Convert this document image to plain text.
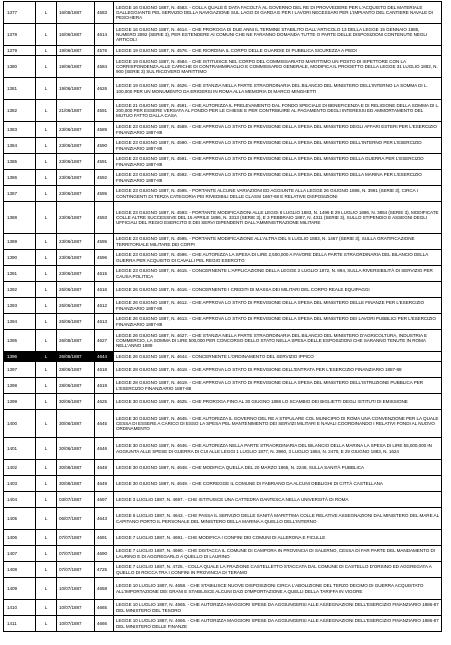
1377	L	16/06/1887	4583	LEGGE 16 GIUGNO 1887, N. 4583. - COLLA QUALE È DATA FACOLTÀ AL GOVERNO DEL RE DI PROVVEDERE PER L'ACQUISTO DEL MATERIALE GALLEGGIANTE PEL SERVIZIO DELLA NAVIGAZIONE SUL LAGO DI GARDA E PER I LAVORI NECESSARI PER L'IMPIANTO DEL CANTIERE NAVALE DI PESCHIERA
1378	L	16/06/1887	4614	LEGGE 16 GIUGNO 1887, N. 4614. - CHE PROROGA DI DUE ANNI IL TERMINE STABILITO DALL'ARTICOLO 13 DELLA LEGGE 15 GENNAIO 1885, NUMERO 2892 (SERIE 3), PER ESTENDERE AI COMUNI CHE NE FARANNO DOMANDA TUTTE O PARTE DELLE DISPOSIZIONI CONTENUTE NEGLI ARTICOLI
1379	L	19/06/1887	4576	LEGGE 19 GIUGNO 1887, N. 4576. - CHE RIORDINA IL CORPO DELLE GUARDIE DI PUBBLICA SICUREZZA A PIEDI
1380	L	19/06/1887	4584	LEGGE 19 GIUGNO 1887, N. 4584. - CHE ISTITUISCE NEL CORPO DEL COMMISSARIATO MARITTIMO UN POSTO DI ISPETTORE CON LA CORRISPONDENZA ALLE CARICHE DI CONTRAMMIRAGLIO E COMMISSARIO GENERALE, MODIFICA IL PROGETTO DELLA LEGGE 31 LUGLIO 1882, N. 900 (SERIE 3) SUL RICOVERO MARITTIMO
1381	L	19/06/1887	4626	LEGGE 19 GIUGNO 1887, N. 4626. - CHE STANZIA NELLA PARTE STRAORDINARIA DEL BILANCIO DEL MINISTERO DELL'INTERNO LA SOMMA DI L. 100,000 PER UN MONUMENTO DA ERIGERSI IN ROMA ALLA MEMORIA DI MARCO MINGHETTI
1382	L	21/06/1887	4591	LEGGE 21 GIUGNO 1887, N. 4591. - CHE AUTORIZZA IL PRELEVAMENTO DAL FONDO SPECIALE DI BENEFICENZA E DI RELIGIONE DELLA SOMMA DI L. 200,000 PER ESSERE VERSATA AL FONDO PER LE CHIESE E PER CONTRIBUIRE AL PAGAMENTO DEGLI INTERESSI ED AMMORTAMENTO DEL MUTUO FATTO DALLA CASA
1383	L	23/06/1887	4589	LEGGE 23 GIUGNO 1887, N. 4589. - CHE APPROVA LO STATO DI PREVISIONE DELLA SPESA DEL MINISTERO DEGLI AFFARI ESTERI PER L'ESERCIZIO FINANZIARIO 1887-88
1384	L	23/06/1887	4590	LEGGE 23 GIUGNO 1887, N. 4590. - CHE APPROVA LO STATO DI PREVISIONE DELLA SPESA DEL MINISTERO DELL'INTERNO PER L'ESERCIZIO FINANZIARIO 1887-88
1385	L	23/06/1887	4591	LEGGE 23 GIUGNO 1887, N. 4591. - CHE APPROVA LO STATO DI PREVISIONE DELLA SPESA DEL MINISTERO DELLA GUERRA PER L'ESERCIZIO FINANZIARIO 1887-88
1386	L	23/06/1887	4592	LEGGE 23 GIUGNO 1887, N. 4592. - CHE APPROVA LO STATO DI PREVISIONE DELLA SPESA DEL MINISTERO DELLA MARINA PER L'ESERCIZIO FINANZIARIO 1887-88
1387	L	23/06/1887	4595	LEGGE 23 GIUGNO 1887, N. 4595. - PORTANTE ALCUNE VARIAZIONI ED AGGIUNTE ALLA LEGGE 26 GIUGNO 1886, N. 3991 (SERIE 3), CIRCA I CONTINGENTI DI TERZA CATEGORIA PEI RIVEDIBILI DELLE CLASSI 1867-68 E RELATIVE DISPOSIZIONI
1388	L	23/06/1887	4593	LEGGE 23 GIUGNO 1887, N. 4593. - PORTANTE MODIFICAZIONI ALLE LEGGI 8 LUGLIO 1883, N. 1496 E 29 LUGLIO 1886, N. 3854 (SERIE 3), MODIFICATE COLLE ALTRE SUCCESSIVE DEL 15 APRILE 1886, N. 3313 (SERIE 3), E 3 FEBBRAIO 1887, N. 4311 (SERIE 3), SULLO STIPENDIO E ASSEGNI DEGLI UFFICIALI DEL REGIO ESERCITO E DEI SERVI DIPENDENTI DALL'AMMINISTRAZIONE MILITARE
1389	L	23/06/1887	4595	LEGGE 23 GIUGNO 1887, N. 4595. - PORTANTE MODIFICAZIONE ALL'ALTRA DEL 5 LUGLIO 1883, N. 1467 (SERIE 3), SULLA GRATIFICAZIONE TERRITORIALE MILITARE DEI CORPI
1390	L	23/06/1887	4596	LEGGE 23 GIUGNO 1887, N. 4596. - CHE AUTORIZZA LA SPESA DI LIRE 2,500,000 A FAVORE DELLA PARTE STRAORDINARIA DEL BILANCIO DELLA GUERRA PER ACQUISTO DI CAVALLI PEL REGIO ESERCITO
1391	L	23/06/1887	4615	LEGGE 23 GIUGNO 1887, N. 4615. - CONCERNENTE L'APPLICAZIONE DELLA LEGGE 2 LUGLIO 1872, N. 894, SULLA RIVERSIBILITÀ DI SERVIZIO PER CAUSA POLITICA
1392	L	26/06/1887	4616	LEGGE 26 GIUGNO 1887, N. 4616. - CONCERNENTE I CREDITI DI MASSA DEI MILITARI DEL CORPO REALE EQUIPAGGI
1393	L	26/06/1887	4612	LEGGE 26 GIUGNO 1887, N. 4612. - CHE APPROVA LO STATO DI PREVISIONE DELLA SPESA DEL MINISTERO DELLE FINANZE PER L'ESERCIZIO FINANZIARIO 1887-88
1394	L	26/06/1887	4613	LEGGE 26 GIUGNO 1887, N. 4613. - CHE APPROVA LO STATO DI PREVISIONE DELLA SPESA DEL MINISTERO DEI LAVORI PUBBLICI PER L'ESERCIZIO FINANZIARIO 1887-88
1395	L	26/06/1887	4627	LEGGE 26 GIUGNO 1887, N. 4627. - CHE STANZIA NELLA PARTE STRAORDINARIA DEL BILANCIO DEL MINISTERO D'AGRICOLTURA, INDUSTRIA E COMMERCIO, LA SOMMA DI LIRE 500,000 PER CONCORSO DELLO STATO NELLA SPESA DELLE ESPOSIZIONI CHE SARANNO TENUTE IN ROMA NELL'ANNO 1889
1396	L	26/06/1887	4644	LEGGE 26 GIUGNO 1887, N. 4644. - CONCERNENTE L'ORDINAMENTO DEL SERVIZIO IPPICO
1397	L	28/06/1887	4618	LEGGE 28 GIUGNO 1887, N. 4618. - CHE APPROVA LO STATO DI PREVISIONE DELL'ENTRATA PER L'ESERCIZIO FINANZIARIO 1887-88
1398	L	28/06/1887	4619	LEGGE 28 GIUGNO 1887, N. 4619. - CHE APPROVA LO STATO DI PREVISIONE DELLA SPESA DEL MINISTERO DELL'ISTRUZIONE PUBBLICA PER L'ESERCIZIO FINANZIARIO 1887-88
1399	L	30/06/1887	4625	LEGGE 30 GIUGNO 1887, N. 4625. - CHE PROROGA FINO AL 30 GIUGNO 1888 LO SCAMBIO DEI BIGLIETTI DEGLI ISTITUTI DI EMISSIONE
1400	L	30/06/1887	4645	LEGGE 30 GIUGNO 1887, N. 4645. - CHE AUTORIZZA IL GOVERNO DEL RE A STIPULARE COL MUNICIPIO DI ROMA UNA CONVENZIONE PER LA QUALE CESSA DI ESSERE A CARICO DI ESSO LA SPESA PEL MANTENIMENTO DEI SERVIZI MILITARI E NAVALI COORDINANDO I RELATIVI FONDI AL NUOVO ORDINAMENTO
1401	L	30/06/1887	4646	LEGGE 30 GIUGNO 1887, N. 4646. - CHE AUTORIZZA NELLA PARTE STRAORDINARIA DEL BILANCIO DELLA MARINA LA SPESA DI LIRE 55,000,000 IN AGGIUNTA ALLE SPESE DI GUERRA DI CUI ALLE LEGGI 1 LUGLIO 1877, N. 3960, 3 LUGLIO 1884, N. 2470, E 29 GIUGNO 1883, N. 1624
1402	L	30/06/1887	4648	LEGGE 30 GIUGNO 1887, N. 4648. - CHE MODIFICA QUELLA DEL 20 MARZO 1865, N. 2248, SULLA SANITÀ PUBBLICA
1403	L	30/06/1887	4649	LEGGE 30 GIUGNO 1887, N. 4649. - CHE CORREGGE IL COMUNE DI FABRIANO DA ALCUNI OBBLIGHI DI CITTÀ CASTELLANA
1404	L	03/07/1887	4697	LEGGE 3 LUGLIO 1887, N. 4697. - CHE ISTITUISCE UNA CATTEDRA DANTESCA NELLA UNIVERSITÀ DI ROMA
1405	L	06/07/1887	4643	LEGGE 6 LUGLIO 1887, N. 4643. - CHE PASSA IL SERVIZIO DELLE SANITÀ MARITTIMA COLLE RELATIVE ASSEGNAZIONI DAL MINISTERO DEL MARE AL CAPITANO PORTO IL PERSONALE DEL MINISTERO DELLA MARINA A QUELLO DELL'INTERNO
1406	L	07/07/1887	4691	LEGGE 7 LUGLIO 1887, N. 4691. - CHE MODIFICA I CONFINI DEI COMUNI DI ALLERONA E FICULLE
1407	L	07/07/1887	4690	LEGGE 7 LUGLIO 1887, N. 4690. - CHE DISTACCA IL COMUNE DI CAMPORA IN PROVINCIA DI SALERNO, CESSA DI FAR PARTE DEL MANDAMENTO DI LAURINO E DI AGGREGARLO A QUELLO DI LAURINO
1408	L	07/07/1887	4725	LEGGE 7 LUGLIO 1887, N. 4725. - COLLA QUALE LA FRAZIONE CASTELLETTO STACCATA DAL COMUNE DI CASTELLO D'ORSINO ED AGGREGATA A QUELLO DI ROCCA TRA I CONFINI IN PROVINCIA DI TERAMO
1409	L	10/07/1887	4658	LEGGE 10 LUGLIO 1887, N. 4658. - CHE STABILISCE NUOVE DISPOSIZIONI CIRCA L'ABOLIZIONE DEL TERZO DECIMO DI GUERRA ACQUISTATO ALL'IMPORTAZIONE DEI GRANI E STABILISCE ALCUNI DAZI D'IMPORTAZIONE A QUELLI DELLA TARIFFA IN VIGORE
1410	L	10/07/1887	4665	LEGGE 10 LUGLIO 1887, N. 4665. - CHE AUTORIZZA MAGGIORI SPESE DA AGGIUNGERSI ALLE ASSEGNAZIONI DELL'ESERCIZIO FINANZIARIO 1886-87 DEL MINISTERO DEL TESORO
1411	L	10/07/1887	4666	LEGGE 10 LUGLIO 1887, N. 4666. - CHE AUTORIZZA MAGGIORI SPESE DA AGGIUNGERSI ALLE ASSEGNAZIONI DELL'ESERCIZIO FINANZIARIO 1886-87 DEL MINISTERO DELLE FINANZE
